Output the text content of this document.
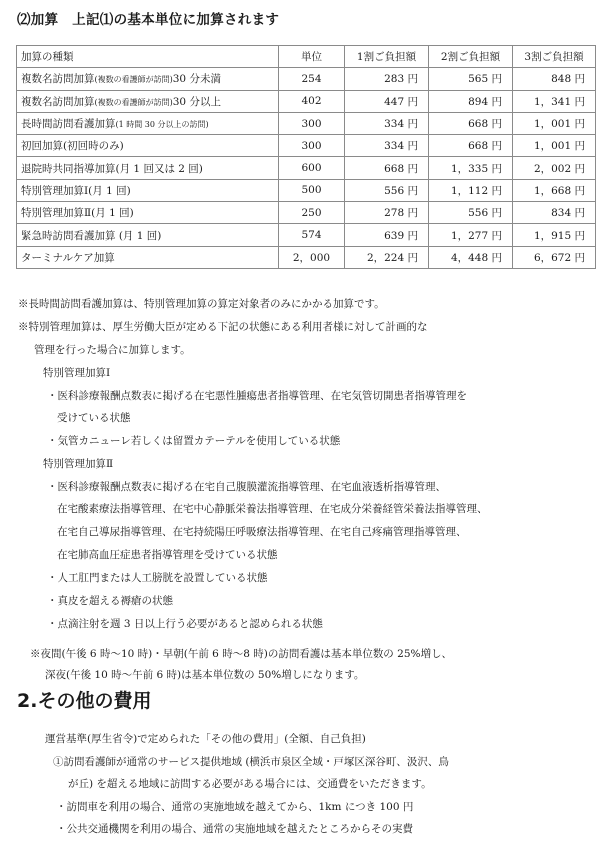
⑵加算　上記⑴の基本単位に加算されます
加算の種類	単位	1割ご負担額	2割ご負担額	3割ご負担額
複数名訪問加算(複数の看護師が訪問)30 分未満	254	283 円	565 円	848 円
複数名訪問加算(複数の看護師が訪問)30 分以上	402	447 円	894 円	1，341 円
長時間訪問看護加算(1 時間 30 分以上の訪問)	300	334 円	668 円	1，001 円
初回加算(初回時のみ)	300	334 円	668 円	1，001 円
退院時共同指導加算(月 1 回又は 2 回)	600	668 円	1，335 円	2，002 円
特別管理加算Ⅰ(月 1 回)	500	556 円	1，112 円	1，668 円
特別管理加算Ⅱ(月 1 回)	250	278 円	556 円	834 円
緊急時訪問看護加算 (月 1 回)	574	639 円	1，277 円	1，915 円
ターミナルケア加算	2，000	2，224 円	4，448 円	6，672 円
※長時間訪問看護加算は、特別管理加算の算定対象者のみにかかる加算です。
※特別管理加算は、厚生労働大臣が定める下記の状態にある利用者様に対して計画的な
管理を行った場合に加算します。
特別管理加算Ⅰ
・医科診療報酬点数表に掲げる在宅悪性腫瘍患者指導管理、在宅気管切開患者指導管理を
受けている状態
・気管カニューレ若しくは留置カテーテルを使用している状態
特別管理加算Ⅱ
・医科診療報酬点数表に掲げる在宅自己腹膜灌流指導管理、在宅血液透析指導管理、
在宅酸素療法指導管理、在宅中心静脈栄養法指導管理、在宅成分栄養経管栄養法指導管理、
在宅自己導尿指導管理、在宅持続陽圧呼吸療法指導管理、在宅自己疼痛管理指導管理、
在宅肺高血圧症患者指導管理を受けている状態
・人工肛門または人工膀胱を設置している状態
・真皮を超える褥瘡の状態
・点滴注射を週 3 日以上行う必要があると認められる状態
※夜間(午後 6 時～10 時)・早朝(午前 6 時～8 時)の訪問看護は基本単位数の 25%増し、
深夜(午後 10 時～午前 6 時)は基本単位数の 50%増しになります。
2.その他の費用
運営基準(厚生省令)で定められた「その他の費用」(全額、自己負担)
①訪問看護師が通常のサービス提供地域 (横浜市泉区全域・戸塚区深谷町、汲沢、鳥
が丘) を超える地域に訪問する必要がある場合には、交通費をいただきます。
・訪問車を利用の場合、通常の実施地域を越えてから、1km につき 100 円
・公共交通機関を利用の場合、通常の実施地域を越えたところからその実費
